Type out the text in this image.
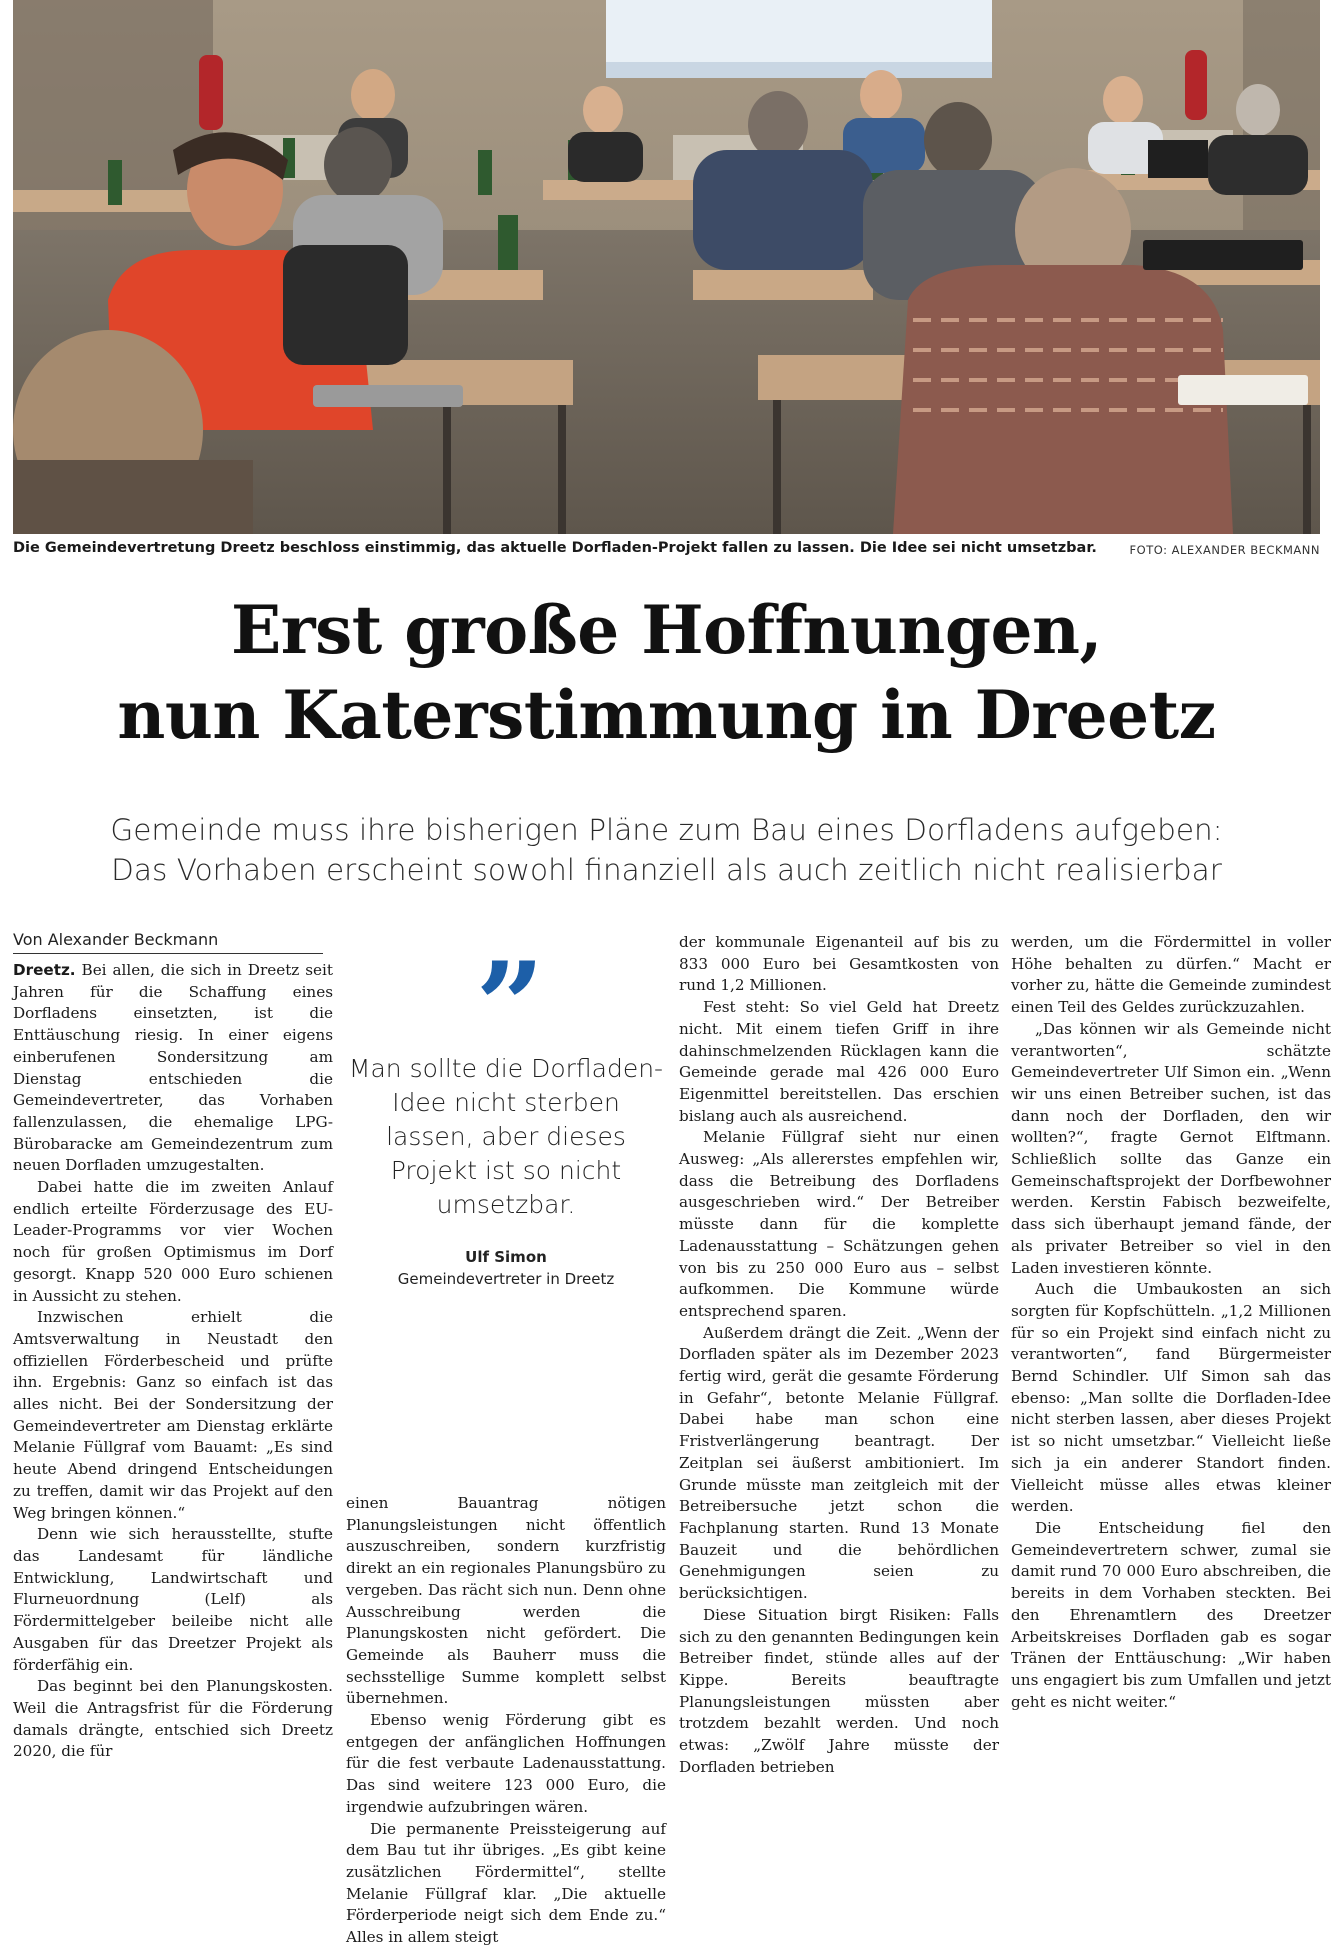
Die Gemeindevertretung Dreetz beschloss einstimmig, das aktuelle Dorfladen-Projekt fallen zu lassen. Die Idee sei nicht umsetzbar.	FOTO: ALEXANDER BECKMANN
Erst große Hoffnungen,
nun Katerstimmung in Dreetz
Gemeinde muss ihre bisherigen Pläne zum Bau eines Dorfladens aufgeben:
Das Vorhaben erscheint sowohl finanziell als auch zeitlich nicht realisierbar
Von Alexander Beckmann

Dreetz. Bei allen, die sich in Dreetz seit Jahren für die Schaffung eines Dorfladens einsetzten, ist die Enttäuschung riesig. In einer eigens einberufenen Sondersitzung am Dienstag entschieden die Gemeindevertreter, das Vorhaben fallenzulassen, die ehemalige LPG-Bürobaracke am Gemeindezentrum zum neuen Dorfladen umzugestalten.

Dabei hatte die im zweiten Anlauf endlich erteilte Förderzusage des EU-Leader-Programms vor vier Wochen noch für großen Optimismus im Dorf gesorgt. Knapp 520 000 Euro schienen in Aussicht zu stehen.

Inzwischen erhielt die Amtsverwaltung in Neustadt den offiziellen Förderbescheid und prüfte ihn. Ergebnis: Ganz so einfach ist das alles nicht. Bei der Sondersitzung der Gemeindevertreter am Dienstag erklärte Melanie Füllgraf vom Bauamt: „Es sind heute Abend dringend Entscheidungen zu treffen, damit wir das Projekt auf den Weg bringen können.“

Denn wie sich herausstellte, stufte das Landesamt für ländliche Entwicklung, Landwirtschaft und Flurneuordnung (Lelf) als Fördermittelgeber beileibe nicht alle Ausgaben für das Dreetzer Projekt als förderfähig ein.

Das beginnt bei den Planungskosten. Weil die Antragsfrist für die Förderung damals drängte, entschied sich Dreetz 2020, die für

”
Man sollte die Dorfladen-Idee nicht sterben lassen, aber dieses Projekt ist so nicht umsetzbar.
Ulf Simon
Gemeindevertreter in Dreetz

einen Bauantrag nötigen Planungsleistungen nicht öffentlich auszuschreiben, sondern kurzfristig direkt an ein regionales Planungsbüro zu vergeben. Das rächt sich nun. Denn ohne Ausschreibung werden die Planungskosten nicht gefördert. Die Gemeinde als Bauherr muss die sechsstellige Summe komplett selbst übernehmen.

Ebenso wenig Förderung gibt es entgegen der anfänglichen Hoffnungen für die fest verbaute Ladenausstattung. Das sind weitere 123 000 Euro, die irgendwie aufzubringen wären.

Die permanente Preissteigerung auf dem Bau tut ihr übriges. „Es gibt keine zusätzlichen Fördermittel“, stellte Melanie Füllgraf klar. „Die aktuelle Förderperiode neigt sich dem Ende zu.“ Alles in allem steigt

der kommunale Eigenanteil auf bis zu 833 000 Euro bei Gesamtkosten von rund 1,2 Millionen.

Fest steht: So viel Geld hat Dreetz nicht. Mit einem tiefen Griff in ihre dahinschmelzenden Rücklagen kann die Gemeinde gerade mal 426 000 Euro Eigenmittel bereitstellen. Das erschien bislang auch als ausreichend.

Melanie Füllgraf sieht nur einen Ausweg: „Als allererstes empfehlen wir, dass die Betreibung des Dorfladens ausgeschrieben wird.“ Der Betreiber müsste dann für die komplette Ladenausstattung – Schätzungen gehen von bis zu 250 000 Euro aus – selbst aufkommen. Die Kommune würde entsprechend sparen.

Außerdem drängt die Zeit. „Wenn der Dorfladen später als im Dezember 2023 fertig wird, gerät die gesamte Förderung in Gefahr“, betonte Melanie Füllgraf. Dabei habe man schon eine Fristverlängerung beantragt. Der Zeitplan sei äußerst ambitioniert. Im Grunde müsste man zeitgleich mit der Betreibersuche jetzt schon die Fachplanung starten. Rund 13 Monate Bauzeit und die behördlichen Genehmigungen seien zu berücksichtigen.

Diese Situation birgt Risiken: Falls sich zu den genannten Bedingungen kein Betreiber findet, stünde alles auf der Kippe. Bereits beauftragte Planungsleistungen müssten aber trotzdem bezahlt werden. Und noch etwas: „Zwölf Jahre müsste der Dorfladen betrieben

werden, um die Fördermittel in voller Höhe behalten zu dürfen.“ Macht er vorher zu, hätte die Gemeinde zumindest einen Teil des Geldes zurückzuzahlen.

„Das können wir als Gemeinde nicht verantworten“, schätzte Gemeindevertreter Ulf Simon ein. „Wenn wir uns einen Betreiber suchen, ist das dann noch der Dorfladen, den wir wollten?“, fragte Gernot Elftmann. Schließlich sollte das Ganze ein Gemeinschaftsprojekt der Dorfbewohner werden. Kerstin Fabisch bezweifelte, dass sich überhaupt jemand fände, der als privater Betreiber so viel in den Laden investieren könnte.

Auch die Umbaukosten an sich sorgten für Kopfschütteln. „1,2 Millionen für so ein Projekt sind einfach nicht zu verantworten“, fand Bürgermeister Bernd Schindler. Ulf Simon sah das ebenso: „Man sollte die Dorfladen-Idee nicht sterben lassen, aber dieses Projekt ist so nicht umsetzbar.“ Vielleicht ließe sich ja ein anderer Standort finden. Vielleicht müsse alles etwas kleiner werden.

Die Entscheidung fiel den Gemeindevertretern schwer, zumal sie damit rund 70 000 Euro abschreiben, die bereits in dem Vorhaben steckten. Bei den Ehrenamtlern des Dreetzer Arbeitskreises Dorfladen gab es sogar Tränen der Enttäuschung: „Wir haben uns engagiert bis zum Umfallen und jetzt geht es nicht weiter.“
